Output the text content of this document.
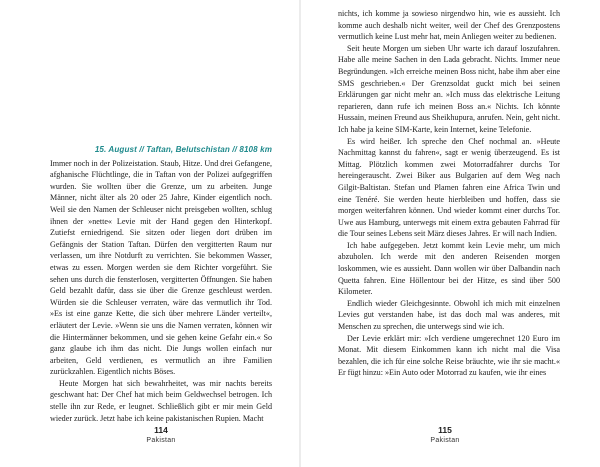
15. August // Taftan, Belutschistan // 8108 km

Immer noch in der Polizeistation. Staub, Hitze. Und drei Gefangene, afghanische Flüchtlinge, die in Taftan von der Polizei aufgegriffen wurden. Sie wollten über die Grenze, um zu arbeiten. Junge Männer, nicht älter als 20 oder 25 Jahre, Kinder eigentlich noch. Weil sie den Namen der Schleuser nicht preisgeben wollten, schlug ihnen der »nette« Levie mit der Hand gegen den Hinterkopf. Zutiefst erniedrigend. Sie sitzen oder liegen dort drüben im Gefängnis der Station Taftan. Dürfen den vergitterten Raum nur verlassen, um ihre Notdurft zu verrichten. Sie bekommen Wasser, etwas zu essen. Morgen werden sie dem Richter vorgeführt. Sie sehen uns durch die fensterlosen, vergitterten Öffnungen. Sie haben Geld bezahlt dafür, dass sie über die Grenze geschleust werden. Würden sie die Schleuser verraten, wäre das vermutlich ihr Tod. »Es ist eine ganze Kette, die sich über mehrere Länder verteilt«, erläutert der Levie. »Wenn sie uns die Namen verraten, können wir die Hintermänner bekommen, und sie gehen keine Gefahr ein.« So ganz glaube ich ihm das nicht. Die Jungs wollen einfach nur arbeiten, Geld verdienen, es vermutlich an ihre Familien zurückzahlen. Eigentlich nichts Böses.

Heute Morgen hat sich bewahrheitet, was mir nachts bereits geschwant hat: Der Chef hat mich beim Geldwechsel betrogen. Ich stelle ihn zur Rede, er leugnet. Schließlich gibt er mir mein Geld wieder zurück. Jetzt habe ich keine pakistanischen Rupien. Macht

114
Pakistan

nichts, ich komme ja sowieso nirgendwo hin, wie es aussieht. Ich komme auch deshalb nicht weiter, weil der Chef des Grenzpostens vermutlich keine Lust mehr hat, mein Anliegen weiter zu bedienen.

Seit heute Morgen um sieben Uhr warte ich darauf loszufahren. Habe alle meine Sachen in den Lada gebracht. Nichts. Immer neue Begründungen. »Ich erreiche meinen Boss nicht, habe ihm aber eine SMS geschrieben.« Der Grenzsoldat guckt mich bei seinen Erklärungen gar nicht mehr an. »Ich muss das elektrische Leitung reparieren, dann rufe ich meinen Boss an.« Nichts. Ich könnte Hussain, meinen Freund aus Sheikhupura, anrufen. Nein, geht nicht. Ich habe ja keine SIM-Karte, kein Internet, keine Telefonie.

Es wird heißer. Ich spreche den Chef nochmal an. »Heute Nachmittag kannst du fahren«, sagt er wenig überzeugend. Es ist Mittag. Plötzlich kommen zwei Motorradfahrer durchs Tor hereingerauscht. Zwei Biker aus Bulgarien auf dem Weg nach Gilgit-Baltistan. Stefan und Plamen fahren eine Africa Twin und eine Tenéré. Sie werden heute hierbleiben und hoffen, dass sie morgen weiterfahren können. Und wieder kommt einer durchs Tor. Uwe aus Hamburg, unterwegs mit einem extra gebauten Fahrrad für die Tour seines Lebens seit März dieses Jahres. Er will nach Indien.

Ich habe aufgegeben. Jetzt kommt kein Levie mehr, um mich abzuholen. Ich werde mit den anderen Reisenden morgen loskommen, wie es aussieht. Dann wollen wir über Dalbandin nach Quetta fahren. Eine Höllentour bei der Hitze, es sind über 500 Kilometer.

Endlich wieder Gleichgesinnte. Obwohl ich mich mit einzelnen Levies gut verstanden habe, ist das doch mal was anderes, mit Menschen zu sprechen, die unterwegs sind wie ich.

Der Levie erklärt mir: »Ich verdiene umgerechnet 120 Euro im Monat. Mit diesem Einkommen kann ich nicht mal die Visa bezahlen, die ich für eine solche Reise bräuchte, wie ihr sie macht.« Er fügt hinzu: »Ein Auto oder Motorrad zu kaufen, wie ihr eines

115
Pakistan
